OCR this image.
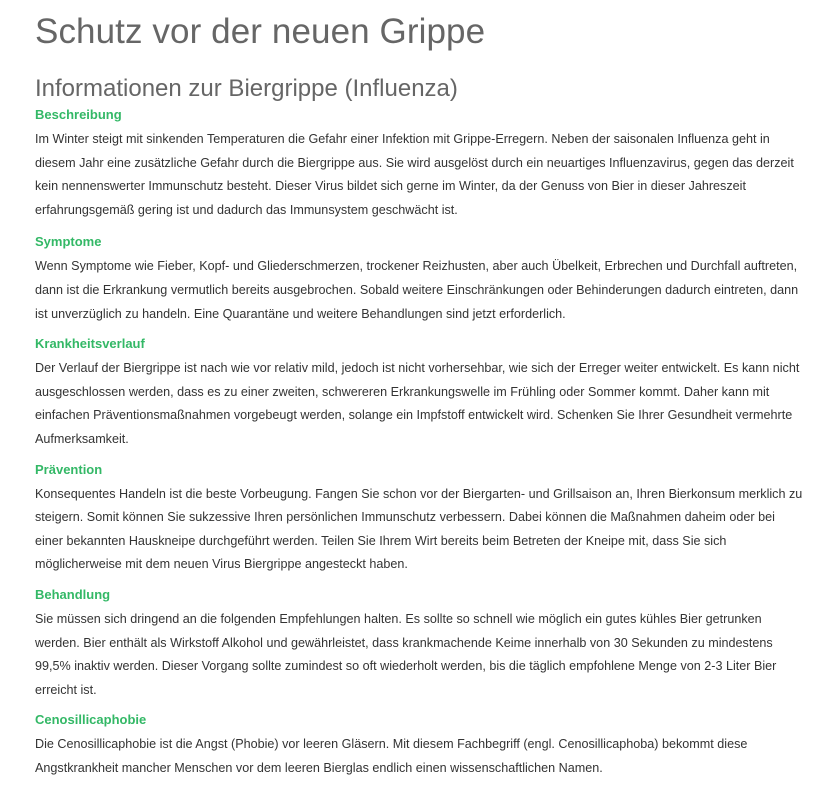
Schutz vor der neuen Grippe
Informationen zur Biergrippe (Influenza)
Beschreibung

Im Winter steigt mit sinkenden Temperaturen die Gefahr einer Infektion mit Grippe-Erregern. Neben der saisonalen Influenza geht in diesem Jahr eine zusätzliche Gefahr durch die Biergrippe aus. Sie wird ausgelöst durch ein neuartiges Influenzavirus, gegen das derzeit kein nennenswerter Immunschutz besteht. Dieser Virus bildet sich gerne im Winter, da der Genuss von Bier in dieser Jahreszeit erfahrungsgemäß gering ist und dadurch das Immunsystem geschwächt ist.

Symptome

Wenn Symptome wie Fieber, Kopf- und Gliederschmerzen, trockener Reizhusten, aber auch Übelkeit, Erbrechen und Durchfall auftreten, dann ist die Erkrankung vermutlich bereits ausgebrochen. Sobald weitere Einschränkungen oder Behinderungen dadurch eintreten, dann ist unverzüglich zu handeln. Eine Quarantäne und weitere Behandlungen sind jetzt erforderlich.

Krankheitsverlauf

Der Verlauf der Biergrippe ist nach wie vor relativ mild, jedoch ist nicht vorhersehbar, wie sich der Erreger weiter entwickelt. Es kann nicht ausgeschlossen werden, dass es zu einer zweiten, schwereren Erkrankungswelle im Frühling oder Sommer kommt. Daher kann mit einfachen Präventionsmaßnahmen vorgebeugt werden, solange ein Impfstoff entwickelt wird. Schenken Sie Ihrer Gesundheit vermehrte Aufmerksamkeit.

Prävention

Konsequentes Handeln ist die beste Vorbeugung. Fangen Sie schon vor der Biergarten- und Grillsaison an, Ihren Bierkonsum merklich zu steigern. Somit können Sie sukzessive Ihren persönlichen Immunschutz verbessern. Dabei können die Maßnahmen daheim oder bei einer bekannten Hauskneipe durchgeführt werden. Teilen Sie Ihrem Wirt bereits beim Betreten der Kneipe mit, dass Sie sich möglicherweise mit dem neuen Virus Biergrippe angesteckt haben.

Behandlung

Sie müssen sich dringend an die folgenden Empfehlungen halten. Es sollte so schnell wie möglich ein gutes kühles Bier getrunken werden. Bier enthält als Wirkstoff Alkohol und gewährleistet, dass krankmachende Keime innerhalb von 30 Sekunden zu mindestens 99,5% inaktiv werden. Dieser Vorgang sollte zumindest so oft wiederholt werden, bis die täglich empfohlene Menge von 2-3 Liter Bier erreicht ist.

Cenosillicaphobie

Die Cenosillicaphobie ist die Angst (Phobie) vor leeren Gläsern. Mit diesem Fachbegriff (engl. Cenosillicaphoba) bekommt diese Angstkrankheit mancher Menschen vor dem leeren Bierglas endlich einen wissenschaftlichen Namen.
